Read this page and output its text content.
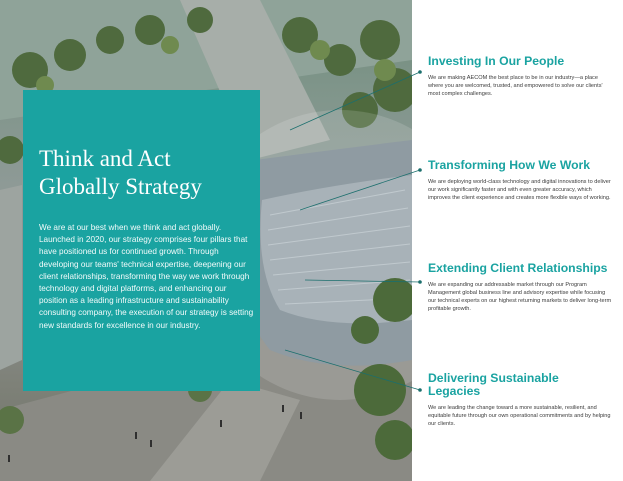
Think and Act Globally Strategy

We are at our best when we think and act globally. Launched in 2020, our strategy comprises four pillars that have positioned us for continued growth. Through developing our teams' technical expertise, deepening our client relationships, transforming the way we work through technology and digital platforms, and enhancing our position as a leading infrastructure and sustainability consulting company, the execution of our strategy is setting new standards for excellence in our industry.

Investing In Our People

We are making AECOM the best place to be in our industry—a place where you are welcomed, trusted, and empowered to solve our clients' most complex challenges.

Transforming How We Work

We are deploying world-class technology and digital innovations to deliver our work significantly faster and with even greater accuracy, which improves the client experience and creates more flexible ways of working.

Extending Client Relationships

We are expanding our addressable market through our Program Management global business line and advisory expertise while focusing our technical experts on our highest returning markets to deliver long-term profitable growth.

Delivering Sustainable Legacies

We are leading the change toward a more sustainable, resilient, and equitable future through our own operational commitments and by helping our clients.
